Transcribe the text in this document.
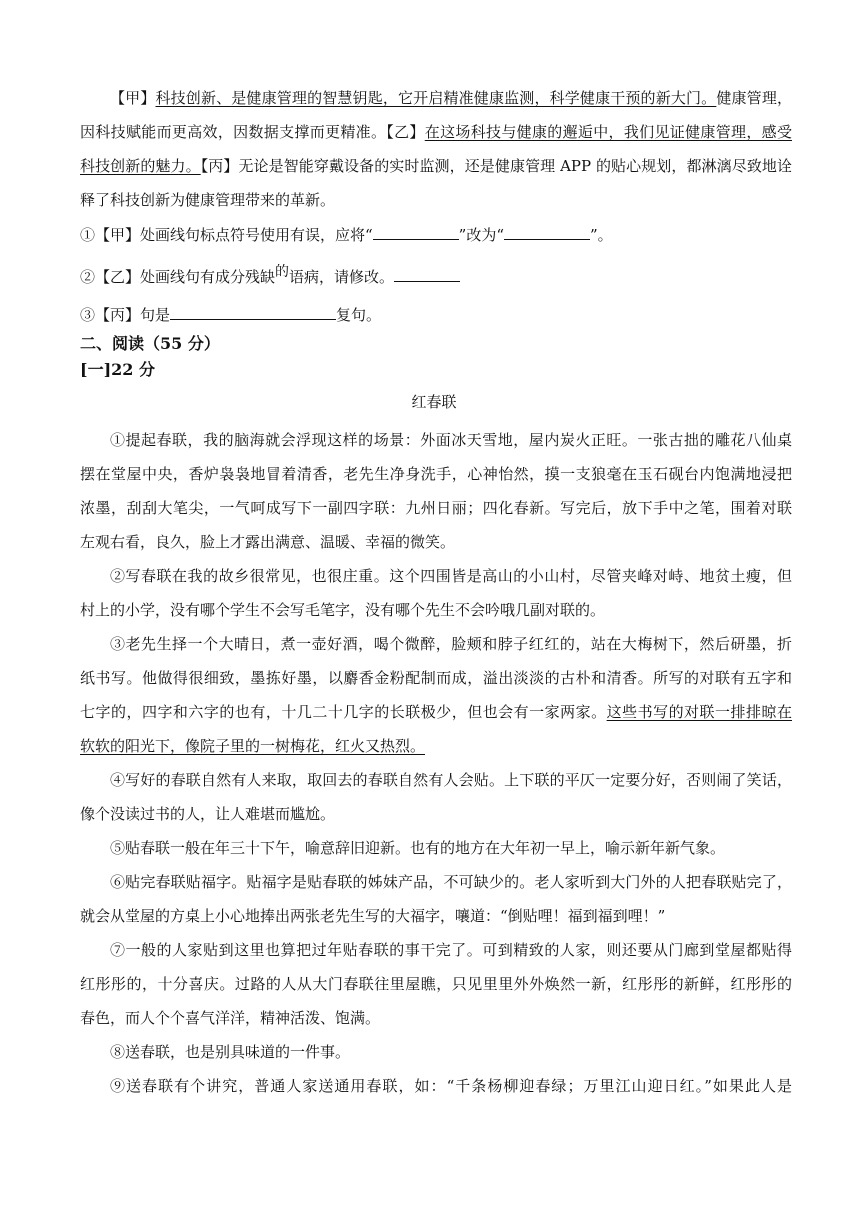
【甲】科技创新、是健康管理的智慧钥匙，它开启精准健康监测，科学健康干预的新大门。健康管理，
因科技赋能而更高效，因数据支撑而更精准。【乙】在这场科技与健康的邂逅中，我们见证健康管理，感受
科技创新的魅力。【丙】无论是智能穿戴设备的实时监测，还是健康管理 APP 的贴心规划，都淋漓尽致地诠
释了科技创新为健康管理带来的革新。
①【甲】处画线句标点符号使用有误，应将“	”改为“	”。
②【乙】处画线句有成分残缺的语病，请修改。
③【丙】句是	复句。
二、阅读（55 分）
[一]22 分
红春联
①提起春联，我的脑海就会浮现这样的场景：外面冰天雪地，屋内炭火正旺。一张古拙的雕花八仙桌
摆在堂屋中央，香炉袅袅地冒着清香，老先生净身洗手，心神怡然，摸一支狼毫在玉石砚台内饱满地浸把
浓墨，刮刮大笔尖，一气呵成写下一副四字联：九州日丽；四化春新。写完后，放下手中之笔，围着对联
左观右看，良久，脸上才露出满意、温暖、幸福的微笑。
②写春联在我的故乡很常见，也很庄重。这个四围皆是高山的小山村，尽管夹峰对峙、地贫土瘦，但
村上的小学，没有哪个学生不会写毛笔字，没有哪个先生不会吟哦几副对联的。
③老先生择一个大晴日，煮一壶好酒，喝个微醉，脸颊和脖子红红的，站在大梅树下，然后研墨，折
纸书写。他做得很细致，墨拣好墨，以麝香金粉配制而成，溢出淡淡的古朴和清香。所写的对联有五字和
七字的，四字和六字的也有，十几二十几字的长联极少，但也会有一家两家。这些书写的对联一排排晾在
软软的阳光下，像院子里的一树梅花，红火又热烈。
④写好的春联自然有人来取，取回去的春联自然有人会贴。上下联的平仄一定要分好，否则闹了笑话，
像个没读过书的人，让人难堪而尴尬。
⑤贴春联一般在年三十下午，喻意辞旧迎新。也有的地方在大年初一早上，喻示新年新气象。
⑥贴完春联贴福字。贴福字是贴春联的姊妹产品，不可缺少的。老人家听到大门外的人把春联贴完了，
就会从堂屋的方桌上小心地捧出两张老先生写的大福字，嚷道：“倒贴哩！福到福到哩！”
⑦一般的人家贴到这里也算把过年贴春联的事干完了。可到精致的人家，则还要从门廊到堂屋都贴得
红彤彤的，十分喜庆。过路的人从大门春联往里屋瞧，只见里里外外焕然一新，红彤彤的新鲜，红彤彤的
春色，而人个个喜气洋洋，精神活泼、饱满。
⑧送春联，也是别具味道的一件事。
⑨送春联有个讲究，普通人家送通用春联，如：“千条杨柳迎春绿；万里江山迎日红。”如果此人是
